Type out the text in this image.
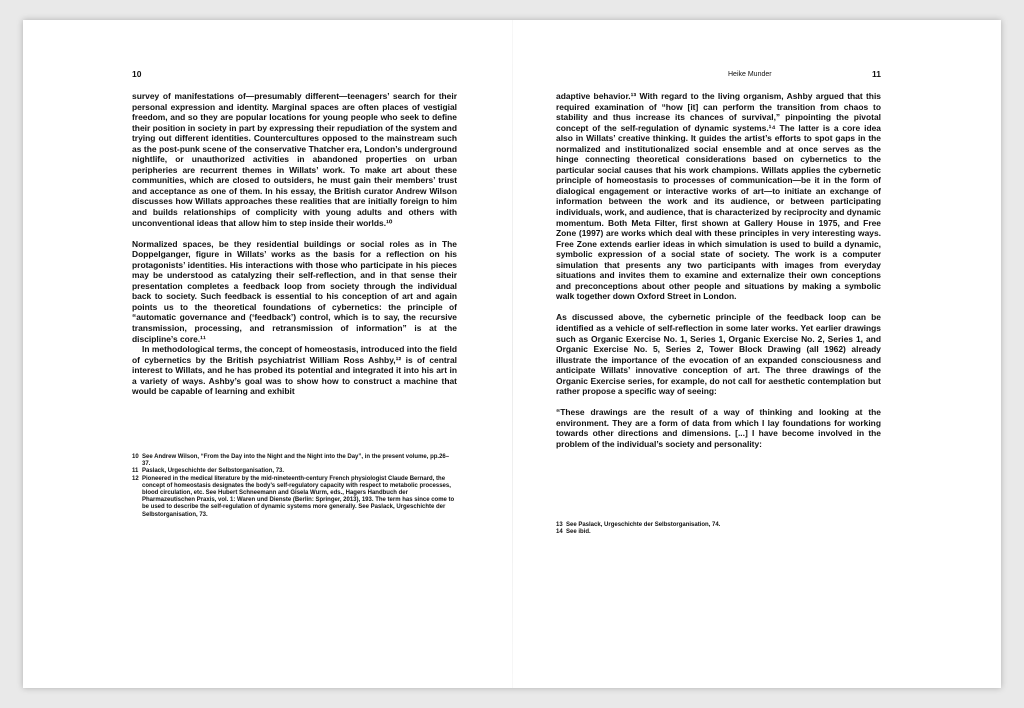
10

survey of manifestations of—presumably different—teenagers’ search for their personal expression and identity. Marginal spaces are often places of vestigial freedom, and so they are popular locations for young people who seek to define their position in society in part by expressing their repudiation of the system and trying out different identities. Countercultures opposed to the mainstream such as the post-punk scene of the conservative Thatcher era, London’s underground nightlife, or unauthorized activities in abandoned properties on urban peripheries are recurrent themes in Willats’ work. To make art about these communities, which are closed to outsiders, he must gain their members’ trust and acceptance as one of them. In his essay, the British curator Andrew Wilson discusses how Willats approaches these realities that are initially foreign to him and builds relationships of complicity with young adults and others with unconventional ideas that allow him to step inside their worlds.¹⁰

Normalized spaces, be they residential buildings or social roles as in The Doppelganger, figure in Willats’ works as the basis for a reflection on his protagonists’ identities. His interactions with those who participate in his pieces may be understood as catalyzing their self-reflection, and in that sense their presentation completes a feedback loop from society through the individual back to society. Such feedback is essential to his conception of art and again points us to the theoretical foundations of cybernetics: the principle of “automatic governance and (‘feedback’) control, which is to say, the recursive transmission, processing, and retransmission of information” is at the discipline’s core.¹¹

In methodological terms, the concept of homeostasis, introduced into the field of cybernetics by the British psychiatrist William Ross Ashby,¹² is of central interest to Willats, and he has probed its potential and integrated it into his art in a variety of ways. Ashby’s goal was to show how to construct a machine that would be capable of learning and exhibit

10 See Andrew Wilson, “From the Day into the Night and the Night into the Day”, in the present volume, pp.26–37.
11 Paslack, Urgeschichte der Selbstorganisation, 73.
12 Pioneered in the medical literature by the mid-nineteenth-century French physiologist Claude Bernard, the concept of homeostasis designates the body’s self-regulatory capacity with respect to metabolic processes, blood circulation, etc. See Hubert Schneemann and Gisela Wurm, eds., Hagers Handbuch der Pharmazeutischen Praxis, vol. 1: Waren und Dienste (Berlin: Springer, 2013), 193. The term has since come to be used to describe the self-regulation of dynamic systems more generally. See Paslack, Urgeschichte der Selbstorganisation, 73.
Heike Munder	11

adaptive behavior.¹³ With regard to the living organism, Ashby argued that this required examination of “how [it] can perform the transition from chaos to stability and thus increase its chances of survival,” pinpointing the pivotal concept of the self-regulation of dynamic systems.¹⁴ The latter is a core idea also in Willats’ creative thinking. It guides the artist’s efforts to spot gaps in the normalized and institutionalized social ensemble and at once serves as the hinge connecting theoretical considerations based on cybernetics to the particular social causes that his work champions. Willats applies the cybernetic principle of homeostasis to processes of communication—be it in the form of dialogical engagement or interactive works of art—to initiate an exchange of information between the work and its audience, or between participating individuals, work, and audience, that is characterized by reciprocity and dynamic momentum. Both Meta Filter, first shown at Gallery House in 1975, and Free Zone (1997) are works which deal with these principles in very interesting ways. Free Zone extends earlier ideas in which simulation is used to build a dynamic, symbolic expression of a social state of society. The work is a computer simulation that presents any two participants with images from everyday situations and invites them to examine and externalize their own conceptions and preconceptions about other people and situations by making a symbolic walk together down Oxford Street in London.

As discussed above, the cybernetic principle of the feedback loop can be identified as a vehicle of self-reflection in some later works. Yet earlier drawings such as Organic Exercise No. 1, Series 1, Organic Exercise No. 2, Series 1, and Organic Exercise No. 5, Series 2, Tower Block Drawing (all 1962) already illustrate the importance of the evocation of an expanded consciousness and anticipate Willats’ innovative conception of art. The three drawings of the Organic Exercise series, for example, do not call for aesthetic contemplation but rather propose a specific way of seeing:

“These drawings are the result of a way of thinking and looking at the environment. They are a form of data from which I lay foundations for working towards other directions and dimensions. [...] I have become involved in the problem of the individual’s society and personality:

13 See Paslack, Urgeschichte der Selbstorganisation, 74.
14 See ibid.
